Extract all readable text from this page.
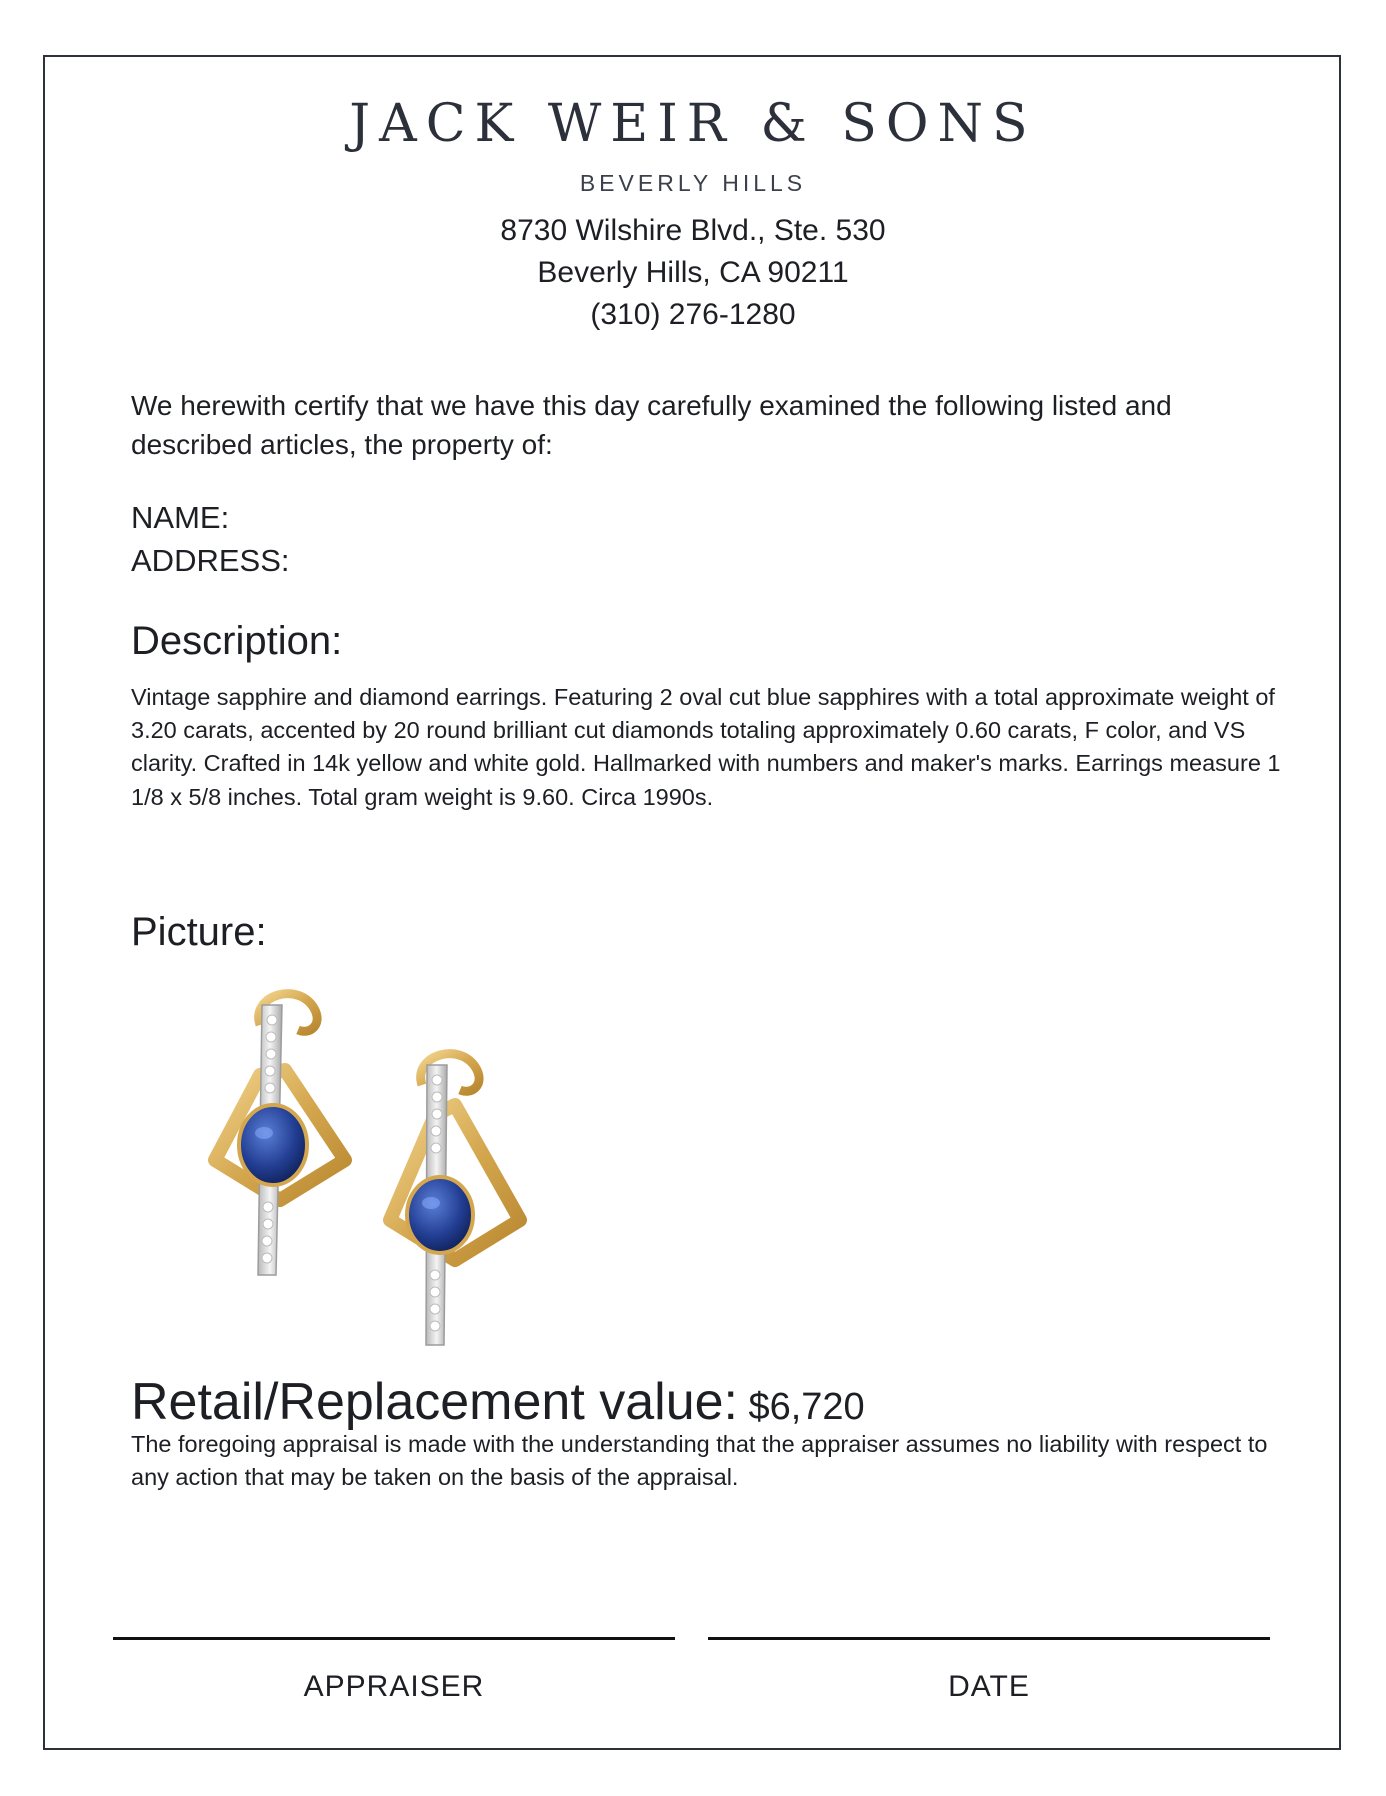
JACK WEIR & SONS
BEVERLY HILLS
8730 Wilshire Blvd., Ste. 530
Beverly Hills, CA 90211
(310) 276-1280
We herewith certify that we have this day carefully examined the following listed and described articles, the property of:
NAME:
ADDRESS:
Description:
Vintage sapphire and diamond earrings. Featuring 2 oval cut blue sapphires with a total approximate weight of 3.20 carats, accented by 20 round brilliant cut diamonds totaling approximately 0.60 carats, F color, and VS clarity. Crafted in 14k yellow and white gold. Hallmarked with numbers and maker's marks. Earrings measure 1 1/8 x 5/8 inches. Total gram weight is 9.60. Circa 1990s.
Picture:
Retail/Replacement value: $6,720
The foregoing appraisal is made with the understanding that the appraiser assumes no liability with respect to any action that may be taken on the basis of the appraisal.
APPRAISER	DATE
